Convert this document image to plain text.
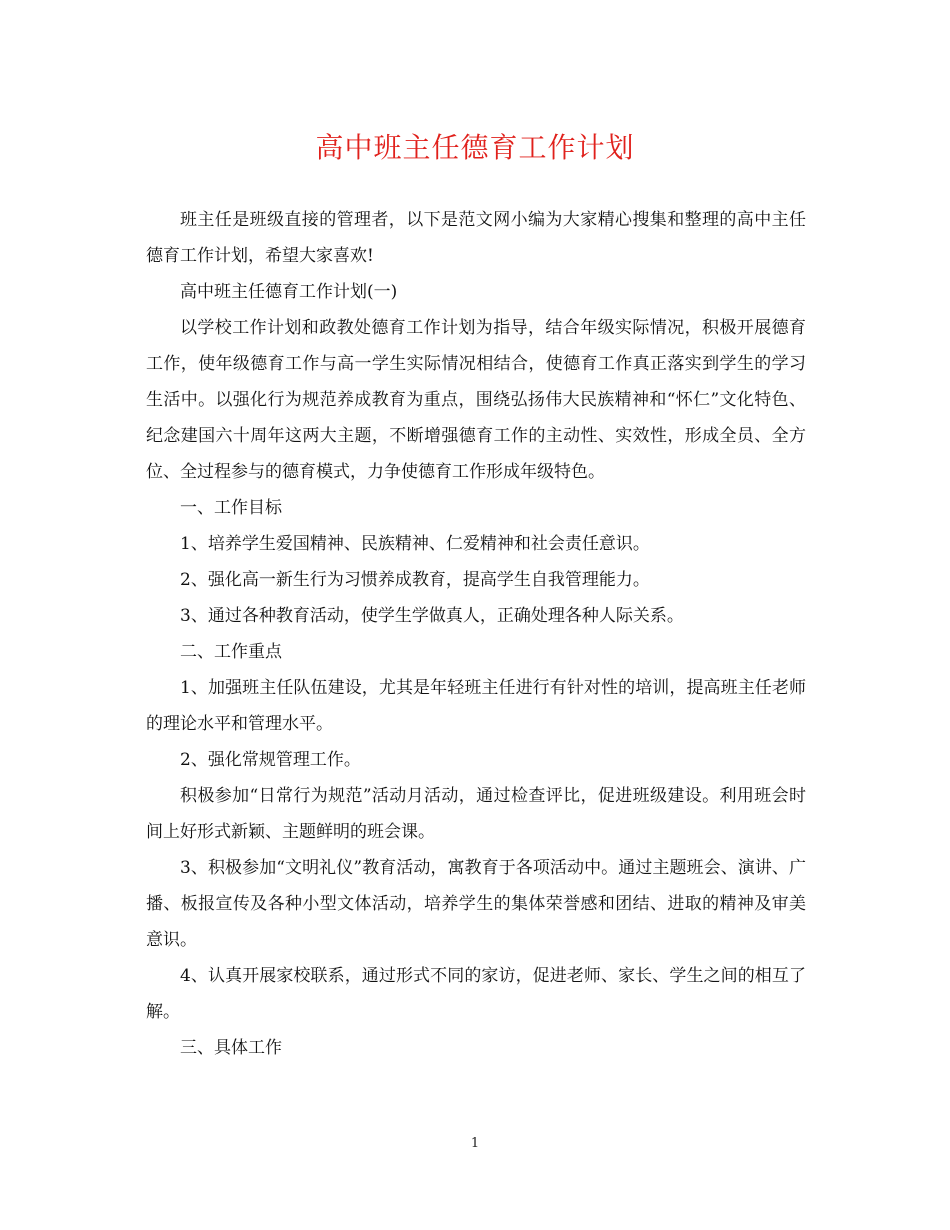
高中班主任德育工作计划

班主任是班级直接的管理者，以下是范文网小编为大家精心搜集和整理的高中主任德育工作计划，希望大家喜欢!

高中班主任德育工作计划(一)

以学校工作计划和政教处德育工作计划为指导，结合年级实际情况，积极开展德育工作，使年级德育工作与高一学生实际情况相结合，使德育工作真正落实到学生的学习生活中。以强化行为规范养成教育为重点，围绕弘扬伟大民族精神和“怀仁”文化特色、纪念建国六十周年这两大主题，不断增强德育工作的主动性、实效性，形成全员、全方位、全过程参与的德育模式，力争使德育工作形成年级特色。

一、工作目标

1、培养学生爱国精神、民族精神、仁爱精神和社会责任意识。

2、强化高一新生行为习惯养成教育，提高学生自我管理能力。

3、通过各种教育活动，使学生学做真人，正确处理各种人际关系。

二、工作重点

1、加强班主任队伍建设，尤其是年轻班主任进行有针对性的培训，提高班主任老师的理论水平和管理水平。

2、强化常规管理工作。

积极参加“日常行为规范”活动月活动，通过检查评比，促进班级建设。利用班会时间上好形式新颖、主题鲜明的班会课。

3、积极参加“文明礼仪”教育活动，寓教育于各项活动中。通过主题班会、演讲、广播、板报宣传及各种小型文体活动，培养学生的集体荣誉感和团结、进取的精神及审美意识。

4、认真开展家校联系，通过形式不同的家访，促进老师、家长、学生之间的相互了解。

三、具体工作

1
